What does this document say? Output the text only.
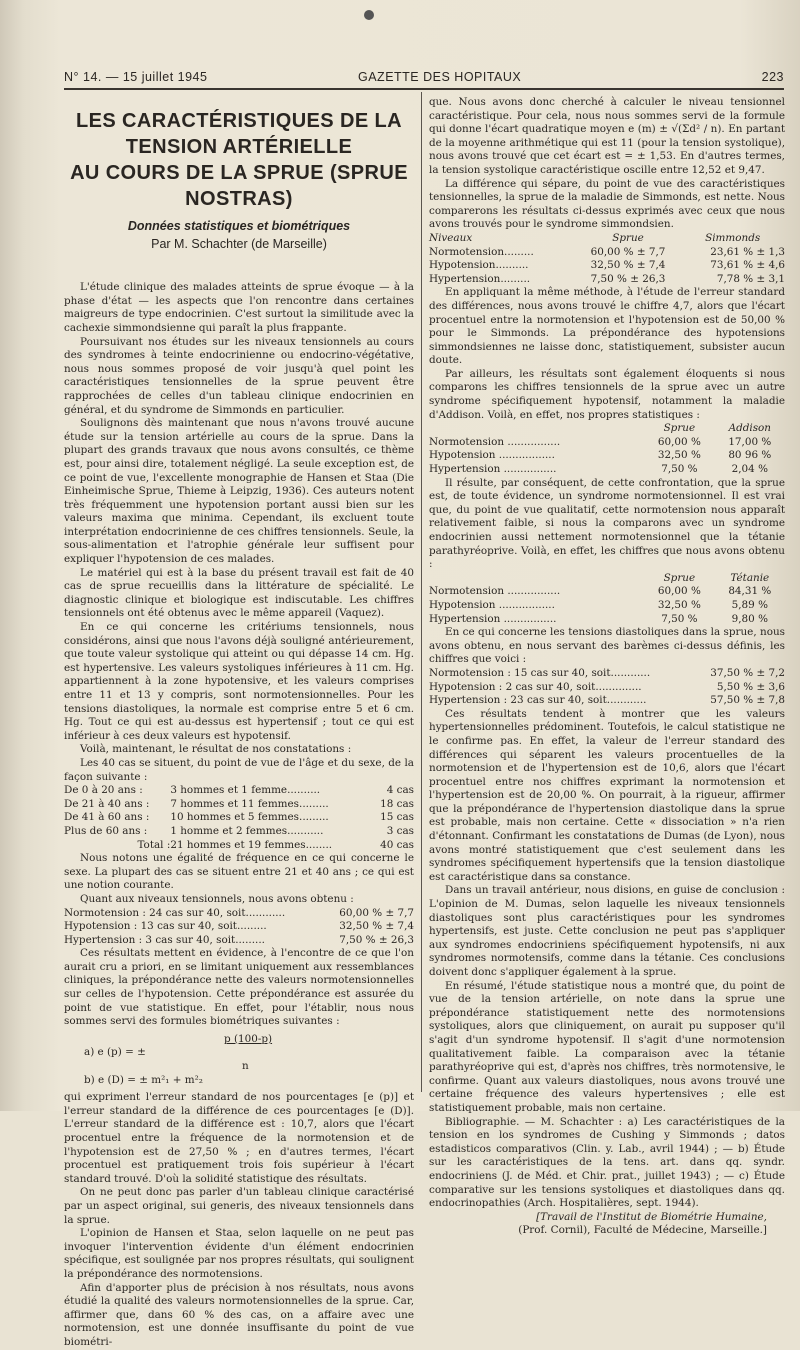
N° 14. — 15 juillet 1945	GAZETTE DES HOPITAUX	223
LES CARACTÉRISTIQUES DE LA TENSION ARTÉRIELLE
AU COURS DE LA SPRUE (SPRUE NOSTRAS)
Données statistiques et biométriques
Par M. Schachter (de Marseille)

L'étude clinique des malades atteints de sprue évoque — à la phase d'état — les aspects que l'on rencontre dans certaines maigreurs de type endocrinien. C'est surtout la similitude avec la cachexie simmondsienne qui paraît la plus frappante.

Poursuivant nos études sur les niveaux tensionnels au cours des syndromes à teinte endocrinienne ou endocrino-végétative, nous nous sommes proposé de voir jusqu'à quel point les caractéristiques tensionnelles de la sprue peuvent être rapprochées de celles d'un tableau clinique endocrinien en général, et du syndrome de Simmonds en particulier.

Soulignons dès maintenant que nous n'avons trouvé aucune étude sur la tension artérielle au cours de la sprue. Dans la plupart des grands travaux que nous avons consultés, ce thème est, pour ainsi dire, totalement négligé. La seule exception est, de ce point de vue, l'excellente monographie de Hansen et Staa (Die Einheimische Sprue, Thieme à Leipzig, 1936). Ces auteurs notent très fréquemment une hypotension portant aussi bien sur les valeurs maxima que minima. Cependant, ils excluent toute interprétation endocrinienne de ces chiffres tensionnels. Seule, la sous-alimentation et l'atrophie générale leur suffisent pour expliquer l'hypotension de ces malades.

Le matériel qui est à la base du présent travail est fait de 40 cas de sprue recueillis dans la littérature de spécialité. Le diagnostic clinique et biologique est indiscutable. Les chiffres tensionnels ont été obtenus avec le même appareil (Vaquez).

En ce qui concerne les critériums tensionnels, nous considérons, ainsi que nous l'avons déjà souligné antérieurement, que toute valeur systolique qui atteint ou qui dépasse 14 cm. Hg. est hypertensive. Les valeurs systoliques inférieures à 11 cm. Hg. appartiennent à la zone hypotensive, et les valeurs comprises entre 11 et 13 y compris, sont normotensionnelles. Pour les tensions diastoliques, la normale est comprise entre 5 et 6 cm. Hg. Tout ce qui est au-dessus est hypertensif ; tout ce qui est inférieur à ces deux valeurs est hypotensif.

Voilà, maintenant, le résultat de nos constatations :

Les 40 cas se situent, du point de vue de l'âge et du sexe, de la façon suivante :

De 0 à 20 ans :	3 hommes et 1 femme..........	4 cas
De 21 à 40 ans :	7 hommes et 11 femmes.........	18 cas
De 41 à 60 ans :	10 hommes et 5 femmes.........	15 cas
Plus de 60 ans :	1 homme et 2 femmes...........	3 cas
Total :	21 hommes et 19 femmes........	40 cas

Nous notons une égalité de fréquence en ce qui concerne le sexe. La plupart des cas se situent entre 21 et 40 ans ; ce qui est une notion courante.

Quant aux niveaux tensionnels, nous avons obtenu :

Normotension : 24 cas sur 40, soit............	60,00 % ± 7,7
Hypotension : 13 cas sur 40, soit.........	32,50 % ± 7,4
Hypertension : 3 cas sur 40, soit.........	7,50 % ± 26,3

Ces résultats mettent en évidence, à l'encontre de ce que l'on aurait cru a priori, en se limitant uniquement aux ressemblances cliniques, la prépondérance nette des valeurs normotensionnelles sur celles de l'hypotension. Cette prépondérance est assurée du point de vue statistique. En effet, pour l'établir, nous nous sommes servi des formules biométriques suivantes :

p (100-p)
a) e (p) = ±
n
b) e (D) = ± m²₁ + m²₂

qui expriment l'erreur standard de nos pourcentages [e (p)] et l'erreur standard de la différence de ces pourcentages [e (D)]. L'erreur standard de la différence est : 10,7, alors que l'écart procentuel entre la fréquence de la normotension et de l'hypotension est de 27,50 % ; en d'autres termes, l'écart procentuel est pratiquement trois fois supérieur à l'écart standard trouvé. D'où la solidité statistique des résultats.

On ne peut donc pas parler d'un tableau clinique caractérisé par un aspect original, sui generis, des niveaux tensionnels dans la sprue.

L'opinion de Hansen et Staa, selon laquelle on ne peut pas invoquer l'intervention évidente d'un élément endocrinien spécifique, est soulignée par nos propres résultats, qui soulignent la prépondérance des normotensions.

Afin d'apporter plus de précision à nos résultats, nous avons étudié la qualité des valeurs normotensionnelles de la sprue. Car, affirmer que, dans 60 % des cas, on a affaire avec une normotension, est une donnée insuffisante du point de vue biométri-

que. Nous avons donc cherché à calculer le niveau tensionnel caractéristique. Pour cela, nous nous sommes servi de la formule qui donne l'écart quadratique moyen e (m) ± √(Σd² / n). En partant de la moyenne arithmétique qui est 11 (pour la tension systolique), nous avons trouvé que cet écart est = ± 1,53. En d'autres termes, la tension systolique caractéristique oscille entre 12,52 et 9,47.

La différence qui sépare, du point de vue des caractéristiques tensionnelles, la sprue de la maladie de Simmonds, est nette. Nous comparerons les résultats ci-dessus exprimés avec ceux que nous avons trouvés pour le syndrome simmondsien.

Niveaux	Sprue	Simmonds
Normotension.........	60,00 % ± 7,7	23,61 % ± 1,3
Hypotension..........	32,50 % ± 7,4	73,61 % ± 4,6
Hypertension.........	7,50 % ± 26,3	7,78 % ± 3,1

En appliquant la même méthode, à l'étude de l'erreur standard des différences, nous avons trouvé le chiffre 4,7, alors que l'écart procentuel entre la normotension et l'hypotension est de 50,00 % pour le Simmonds. La prépondérance des hypotensions simmondsiennes ne laisse donc, statistiquement, subsister aucun doute.

Par ailleurs, les résultats sont également éloquents si nous comparons les chiffres tensionnels de la sprue avec un autre syndrome spécifiquement hypotensif, notamment la maladie d'Addison. Voilà, en effet, nos propres statistiques :

	Sprue	Addison
Normotension ................	60,00 %	17,00 %
Hypotension .................	32,50 %	80 96 %
Hypertension ................	7,50 %	2,04 %

Il résulte, par conséquent, de cette confrontation, que la sprue est, de toute évidence, un syndrome normotensionnel. Il est vrai que, du point de vue qualitatif, cette normotension nous apparaît relativement faible, si nous la comparons avec un syndrome endocrinien aussi nettement normotensionnel que la tétanie parathyréoprive. Voilà, en effet, les chiffres que nous avons obtenu :

	Sprue	Tétanie
Normotension ................	60,00 %	84,31 %
Hypotension .................	32,50 %	5,89 %
Hypertension ................	7,50 %	9,80 %

En ce qui concerne les tensions diastoliques dans la sprue, nous avons obtenu, en nous servant des barèmes ci-dessus définis, les chiffres que voici :

Normotension : 15 cas sur 40, soit............	37,50 % ± 7,2
Hypotension : 2 cas sur 40, soit..............	5,50 % ± 3,6
Hypertension : 23 cas sur 40, soit............	57,50 % ± 7,8

Ces résultats tendent à montrer que les valeurs hypertensionnelles prédominent. Toutefois, le calcul statistique ne le confirme pas. En effet, la valeur de l'erreur standard des différences qui séparent les valeurs procentuelles de la normotension et de l'hypertension est de 10,6, alors que l'écart procentuel entre nos chiffres exprimant la normotension et l'hypertension est de 20,00 %. On pourrait, à la rigueur, affirmer que la prépondérance de l'hypertension diastolique dans la sprue est probable, mais non certaine. Cette « dissociation » n'a rien d'étonnant. Confirmant les constatations de Dumas (de Lyon), nous avons montré statistiquement que c'est seulement dans les syndromes spécifiquement hypertensifs que la tension diastolique est caractéristique dans sa constance.

Dans un travail antérieur, nous disions, en guise de conclusion : L'opinion de M. Dumas, selon laquelle les niveaux tensionnels diastoliques sont plus caractéristiques pour les syndromes hypertensifs, est juste. Cette conclusion ne peut pas s'appliquer aux syndromes endocriniens spécifiquement hypotensifs, ni aux syndromes normotensifs, comme dans la tétanie. Ces conclusions doivent donc s'appliquer également à la sprue.

En résumé, l'étude statistique nous a montré que, du point de vue de la tension artérielle, on note dans la sprue une prépondérance statistiquement nette des normotensions systoliques, alors que cliniquement, on aurait pu supposer qu'il s'agit d'un syndrome hypotensif. Il s'agit d'une normotension qualitativement faible. La comparaison avec la tétanie parathyréoprive qui est, d'après nos chiffres, très normotensive, le confirme. Quant aux valeurs diastoliques, nous avons trouvé une certaine fréquence des valeurs hypertensives ; elle est statistiquement probable, mais non certaine.

Bibliographie. — M. Schachter : a) Les caractéristiques de la tension en los syndromes de Cushing y Simmonds ; datos estadisticos comparativos (Clin. y. Lab., avril 1944) ; — b) Étude sur les caractéristiques de la tens. art. dans qq. syndr. endocriniens (J. de Méd. et Chir. prat., juillet 1943) ; — c) Étude comparative sur les tensions systoliques et diastoliques dans qq. endocrinopathies (Arch. Hospitalières, sept. 1944).

[Travail de l'Institut de Biométrie Humaine,
(Prof. Cornil), Faculté de Médecine, Marseille.]
